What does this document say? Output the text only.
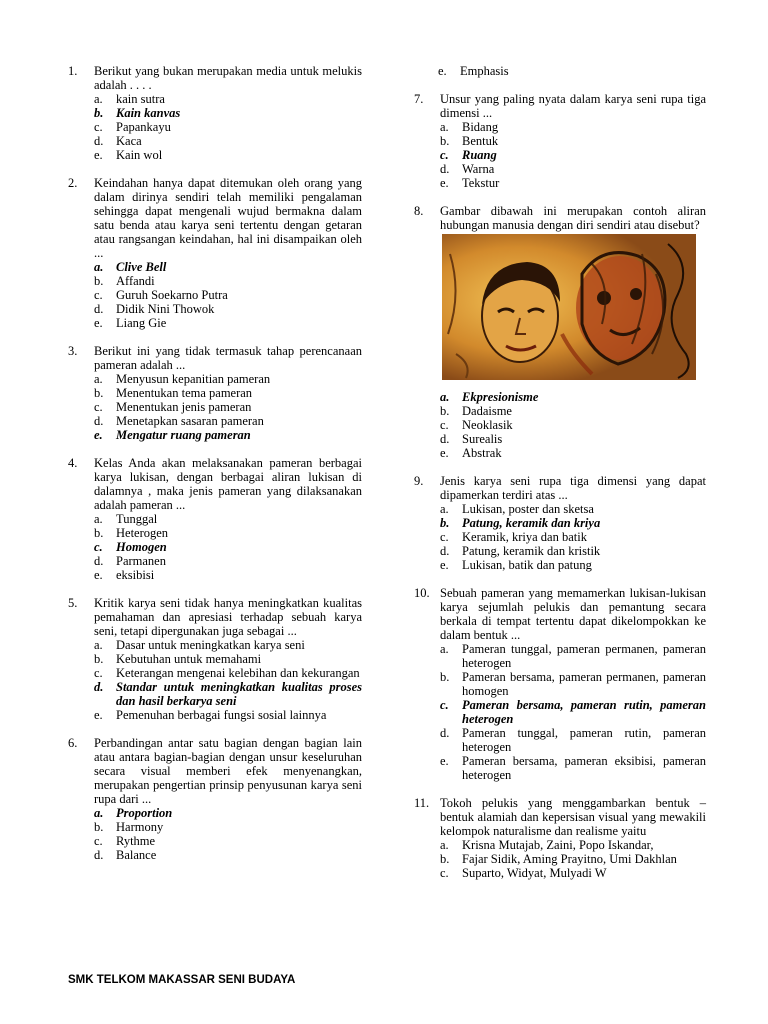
1. Berikut yang bukan merupakan media untuk melukis adalah . . . .
a. kain sutra
b. Kain kanvas
c. Papankayu
d. Kaca
e. Kain wol
2. Keindahan hanya dapat ditemukan oleh orang yang dalam dirinya sendiri telah memiliki pengalaman sehingga dapat mengenali wujud bermakna dalam satu benda atau karya seni tertentu dengan getaran atau rangsangan keindahan, hal ini disampaikan oleh ...
a. Clive Bell
b. Affandi
c. Guruh Soekarno Putra
d. Didik Nini Thowok
e. Liang Gie
3. Berikut ini yang tidak termasuk tahap perencanaan pameran adalah ...
a. Menyusun kepanitian pameran
b. Menentukan tema pameran
c. Menentukan jenis pameran
d. Menetapkan sasaran pameran
e. Mengatur ruang pameran
4. Kelas Anda akan melaksanakan pameran berbagai karya lukisan, dengan berbagai aliran lukisan di dalamnya , maka jenis pameran yang dilaksanakan adalah pameran ...
a. Tunggal
b. Heterogen
c. Homogen
d. Parmanen
e. eksibisi
5. Kritik karya seni tidak hanya meningkatkan kualitas pemahaman dan apresiasi terhadap sebuah karya seni, tetapi dipergunakan juga sebagai ...
a. Dasar untuk meningkatkan karya seni
b. Kebutuhan untuk memahami
c. Keterangan mengenai kelebihan dan kekurangan
d. Standar untuk meningkatkan kualitas proses dan hasil berkarya seni
e. Pemenuhan berbagai fungsi sosial lainnya
6. Perbandingan antar satu bagian dengan bagian lain atau antara bagian-bagian dengan unsur keseluruhan secara visual memberi efek menyenangkan, merupakan pengertian prinsip penyusunan karya seni rupa dari ...
a. Proportion
b. Harmony
c. Rythme
d. Balance
e. Emphasis
7. Unsur yang paling nyata dalam karya seni rupa tiga dimensi ...
a. Bidang
b. Bentuk
c. Ruang
d. Warna
e. Tekstur
8. Gambar dibawah ini merupakan contoh aliran hubungan manusia dengan diri sendiri atau disebut?
a. Ekpresionisme
b. Dadaisme
c. Neoklasik
d. Surealis
e. Abstrak
9. Jenis karya seni rupa tiga dimensi yang dapat dipamerkan terdiri atas ...
a. Lukisan, poster dan sketsa
b. Patung, keramik dan kriya
c. Keramik, kriya dan batik
d. Patung, keramik dan kristik
e. Lukisan, batik dan patung
10. Sebuah pameran yang memamerkan lukisan-lukisan karya sejumlah pelukis dan pemantung secara berkala di tempat tertentu dapat dikelompokkan ke dalam bentuk ...
a. Pameran tunggal, pameran permanen, pameran heterogen
b. Pameran bersama, pameran permanen, pameran homogen
c. Pameran bersama, pameran rutin, pameran heterogen
d. Pameran tunggal, pameran rutin, pameran heterogen
e. Pameran bersama, pameran eksibisi, pameran heterogen
11. Tokoh pelukis yang menggambarkan bentuk – bentuk alamiah dan kepersisan visual yang mewakili kelompok naturalisme dan realisme yaitu
a. Krisna Mutajab, Zaini, Popo Iskandar,
b. Fajar Sidik, Aming Prayitno, Umi Dakhlan
c. Suparto, Widyat, Mulyadi W
SMK TELKOM MAKASSAR SENI BUDAYA
